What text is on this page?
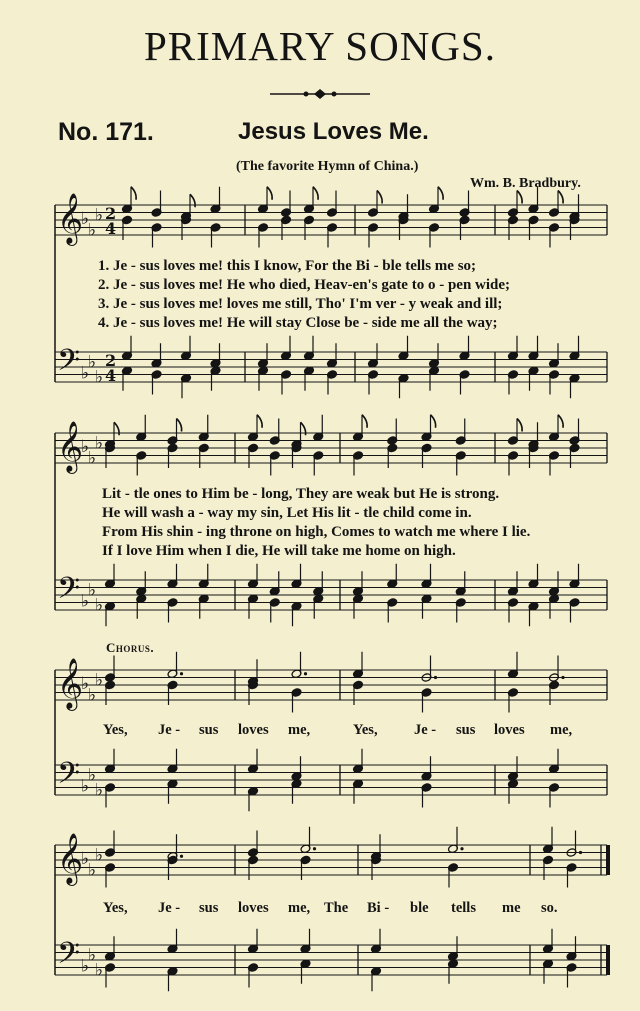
PRIMARY SONGS.
No. 171.	Jesus Loves Me.
(The favorite Hymn of China.)
Wm. B. Bradbury.
1. Je - sus loves me! this I know, For the Bi - ble tells me so;
2. Je - sus loves me! He who died, Heav-en's gate to o - pen wide;
3. Je - sus loves me! loves me still, Tho' I'm ver - y weak and ill;
4. Je - sus loves me! He will stay Close be - side me all the way;
Lit - tle ones to Him be - long, They are weak but He is strong.
He will wash a - way my sin, Let His lit - tle child come in.
From His shin - ing throne on high, Comes to watch me where I lie.
If I love Him when I die, He will take me home on high.
Chorus.
Yes, Je - sus loves me,	Yes,	Je - sus loves me,
Yes, Je - sus loves me, The Bi - ble tells me so.
𝄞
𝄢
♭
♭
♭
♭
♭
♭
2
4
2
4
𝄞
𝄢
♭
♭
♭
♭
♭
♭
𝄞
𝄢
♭
♭
♭
♭
♭
♭
𝄞
𝄢
♭
♭
♭
♭
♭
♭
